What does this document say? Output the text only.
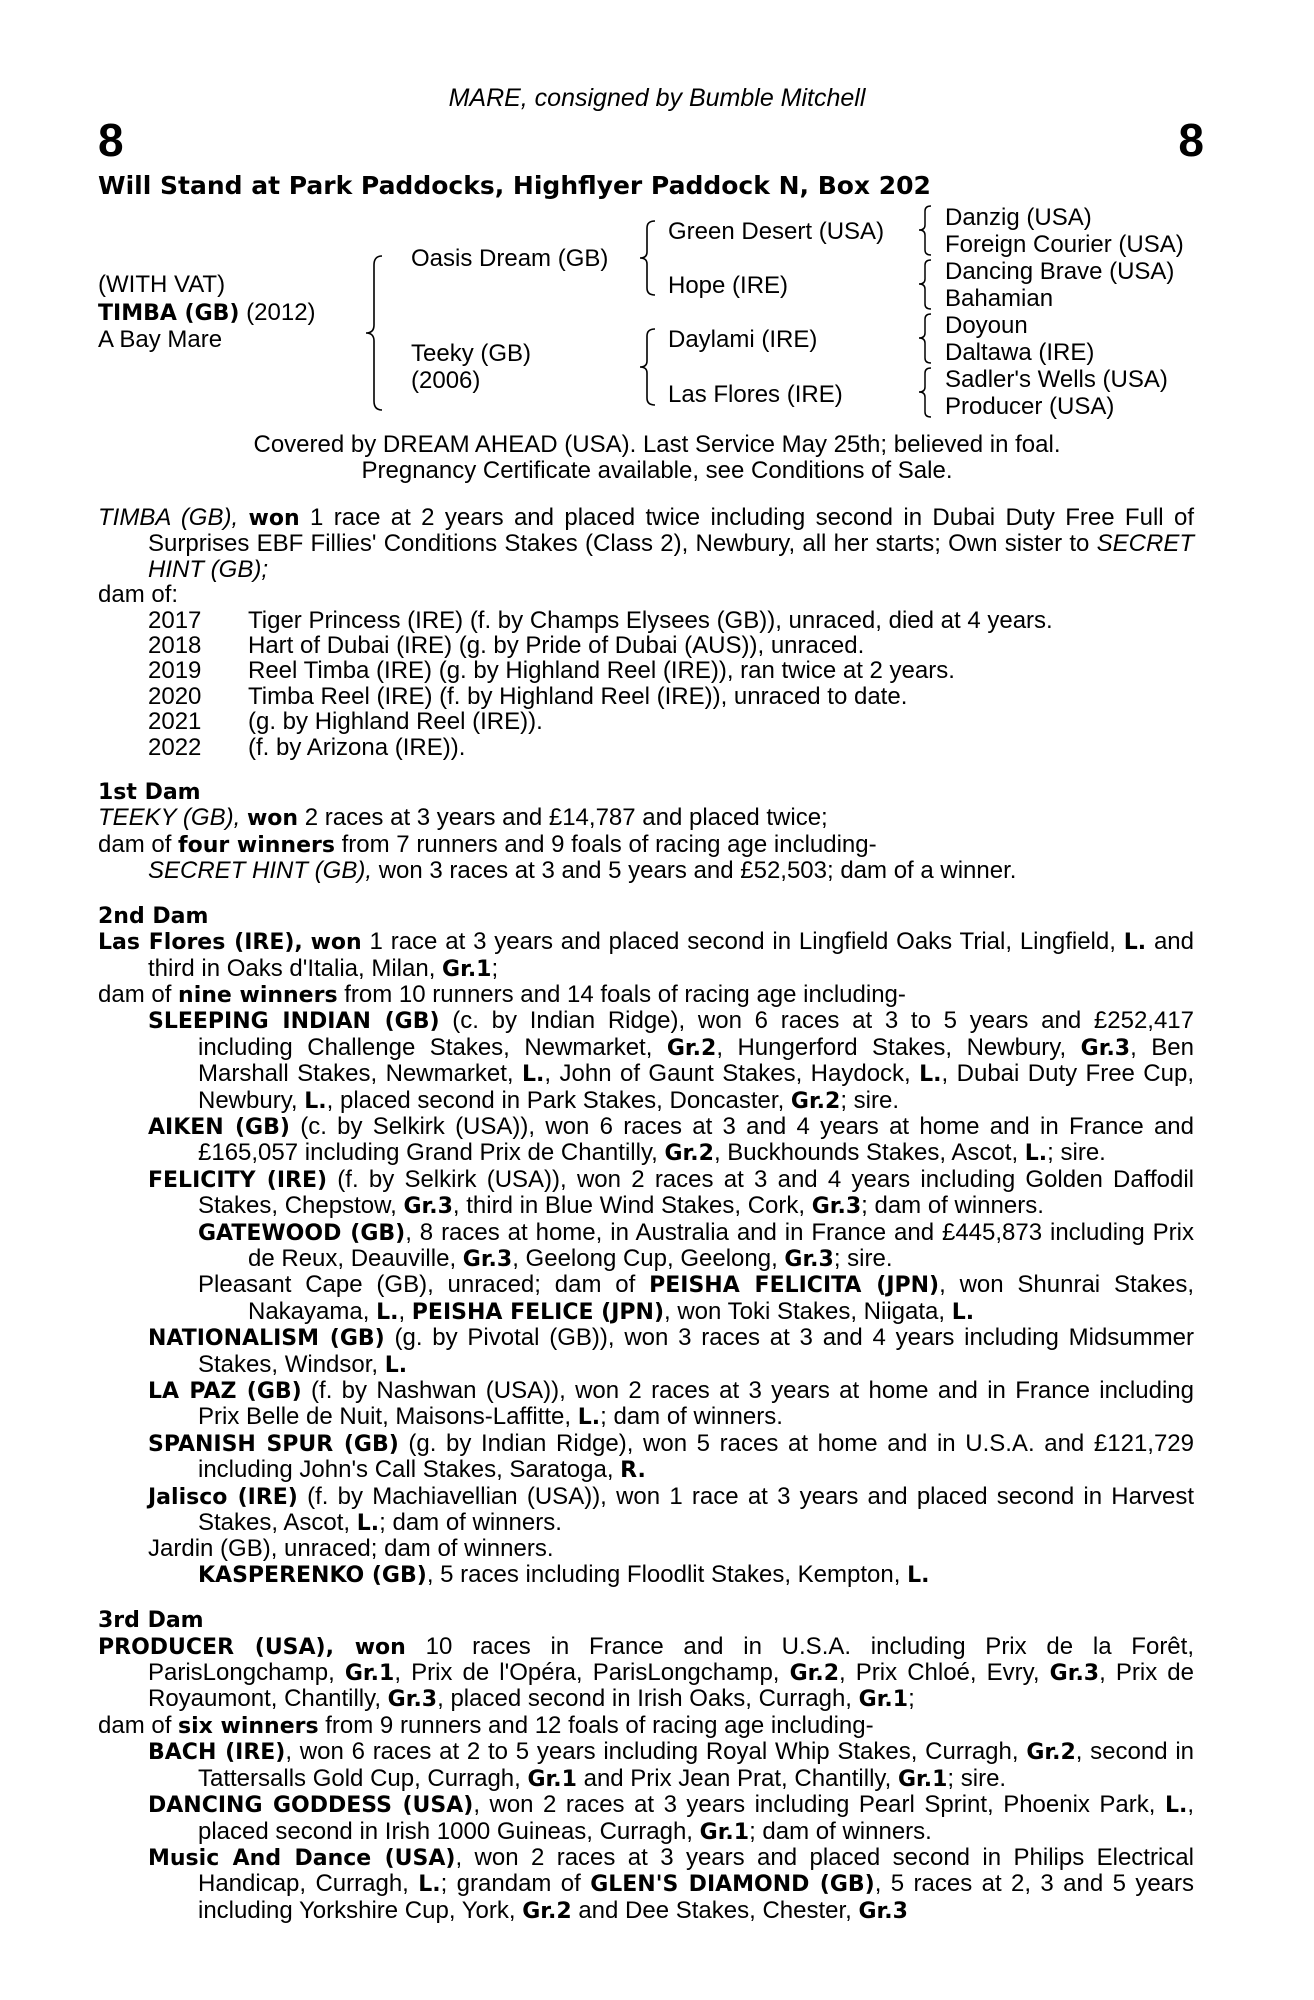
MARE, consigned by Bumble Mitchell
8	8
Will Stand at Park Paddocks, Highflyer Paddock N, Box 202
(WITH VAT)
TIMBA (GB) (2012)
A Bay Mare
Oasis Dream (GB)
Teeky (GB)
(2006)
Green Desert (USA)
Hope (IRE)
Daylami (IRE)
Las Flores (IRE)
Danzig (USA)
Foreign Courier (USA)
Dancing Brave (USA)
Bahamian
Doyoun
Daltawa (IRE)
Sadler's Wells (USA)
Producer (USA)
Covered by DREAM AHEAD (USA). Last Service May 25th; believed in foal.
Pregnancy Certificate available, see Conditions of Sale.

TIMBA (GB), won 1 race at 2 years and placed twice including second in Dubai Duty Free Full of Surprises EBF Fillies' Conditions Stakes (Class 2), Newbury, all her starts; Own sister to SECRET HINT (GB);

dam of:

2017	Tiger Princess (IRE) (f. by Champs Elysees (GB)), unraced, died at 4 years.
2018	Hart of Dubai (IRE) (g. by Pride of Dubai (AUS)), unraced.
2019	Reel Timba (IRE) (g. by Highland Reel (IRE)), ran twice at 2 years.
2020	Timba Reel (IRE) (f. by Highland Reel (IRE)), unraced to date.
2021	(g. by Highland Reel (IRE)).
2022	(f. by Arizona (IRE)).

1st Dam

TEEKY (GB), won 2 races at 3 years and £14,787 and placed twice;

dam of four winners from 7 runners and 9 foals of racing age including-

SECRET HINT (GB), won 3 races at 3 and 5 years and £52,503; dam of a winner.

2nd Dam

Las Flores (IRE), won 1 race at 3 years and placed second in Lingfield Oaks Trial, Lingfield, L. and third in Oaks d'Italia, Milan, Gr.1;

dam of nine winners from 10 runners and 14 foals of racing age including-

SLEEPING INDIAN (GB) (c. by Indian Ridge), won 6 races at 3 to 5 years and £252,417 including Challenge Stakes, Newmarket, Gr.2, Hungerford Stakes, Newbury, Gr.3, Ben Marshall Stakes, Newmarket, L., John of Gaunt Stakes, Haydock, L., Dubai Duty Free Cup, Newbury, L., placed second in Park Stakes, Doncaster, Gr.2; sire.

AIKEN (GB) (c. by Selkirk (USA)), won 6 races at 3 and 4 years at home and in France and £165,057 including Grand Prix de Chantilly, Gr.2, Buckhounds Stakes, Ascot, L.; sire.

FELICITY (IRE) (f. by Selkirk (USA)), won 2 races at 3 and 4 years including Golden Daffodil Stakes, Chepstow, Gr.3, third in Blue Wind Stakes, Cork, Gr.3; dam of winners.

GATEWOOD (GB), 8 races at home, in Australia and in France and £445,873 including Prix de Reux, Deauville, Gr.3, Geelong Cup, Geelong, Gr.3; sire.

Pleasant Cape (GB), unraced; dam of PEISHA FELICITA (JPN), won Shunrai Stakes, Nakayama, L., PEISHA FELICE (JPN), won Toki Stakes, Niigata, L.

NATIONALISM (GB) (g. by Pivotal (GB)), won 3 races at 3 and 4 years including Midsummer Stakes, Windsor, L.

LA PAZ (GB) (f. by Nashwan (USA)), won 2 races at 3 years at home and in France including Prix Belle de Nuit, Maisons-Laffitte, L.; dam of winners.

SPANISH SPUR (GB) (g. by Indian Ridge), won 5 races at home and in U.S.A. and £121,729 including John's Call Stakes, Saratoga, R.

Jalisco (IRE) (f. by Machiavellian (USA)), won 1 race at 3 years and placed second in Harvest Stakes, Ascot, L.; dam of winners.

Jardin (GB), unraced; dam of winners.

KASPERENKO (GB), 5 races including Floodlit Stakes, Kempton, L.

3rd Dam

PRODUCER (USA), won 10 races in France and in U.S.A. including Prix de la Forêt, ParisLongchamp, Gr.1, Prix de l'Opéra, ParisLongchamp, Gr.2, Prix Chloé, Evry, Gr.3, Prix de Royaumont, Chantilly, Gr.3, placed second in Irish Oaks, Curragh, Gr.1;

dam of six winners from 9 runners and 12 foals of racing age including-

BACH (IRE), won 6 races at 2 to 5 years including Royal Whip Stakes, Curragh, Gr.2, second in Tattersalls Gold Cup, Curragh, Gr.1 and Prix Jean Prat, Chantilly, Gr.1; sire.

DANCING GODDESS (USA), won 2 races at 3 years including Pearl Sprint, Phoenix Park, L., placed second in Irish 1000 Guineas, Curragh, Gr.1; dam of winners.

Music And Dance (USA), won 2 races at 3 years and placed second in Philips Electrical Handicap, Curragh, L.; grandam of GLEN'S DIAMOND (GB), 5 races at 2, 3 and 5 years including Yorkshire Cup, York, Gr.2 and Dee Stakes, Chester, Gr.3
